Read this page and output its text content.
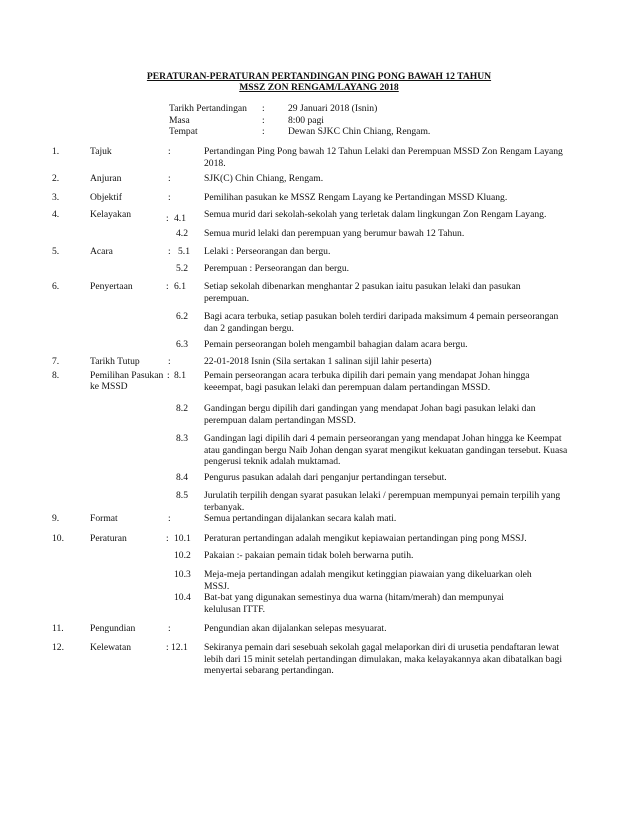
PERATURAN-PERATURAN PERTANDINGAN PING PONG BAWAH 12 TAHUN
MSSZ ZON RENGAM/LAYANG 2018
Tarikh Pertandingan : 29 Januari 2018 (Isnin)
Masa	: 8:00 pagi
Tempat	: Dewan SJKC Chin Chiang, Rengam.
1.	Tajuk	:	Pertandingan Ping Pong bawah 12 Tahun Lelaki dan Perempuan MSSD Zon Rengam Layang 2018.
2.	Anjuran	:	SJK(C) Chin Chiang, Rengam.
3.	Objektif	:	Pemilihan pasukan ke MSSZ Rengam Layang ke Pertandingan MSSD Kluang.
4.	Kelayakan	: 4.1 Semua murid dari sekolah-sekolah yang terletak dalam lingkungan Zon Rengam Layang.
4.2 Semua murid lelaki dan perempuan yang berumur bawah 12 Tahun.
5.	Acara	: 5.1 Lelaki : Perseorangan dan bergu.
5.2 Perempuan : Perseorangan dan bergu.
6.	Penyertaan	: 6.1 Setiap sekolah dibenarkan menghantar 2 pasukan iaitu pasukan lelaki dan pasukan perempuan.
6.2 Bagi acara terbuka, setiap pasukan boleh terdiri daripada maksimum 4 pemain perseorangan dan 2 gandingan bergu.
6.3 Pemain perseorangan boleh mengambil bahagian dalam acara bergu.
7.	Tarikh Tutup	:	22-01-2018 Isnin (Sila sertakan 1 salinan sijil lahir peserta)
8.	Pemilihan Pasukan
ke MSSD
: 8.1 Pemain perseorangan acara terbuka dipilih dari pemain yang mendapat Johan hingga keeempat, bagi pasukan lelaki dan perempuan dalam pertandingan MSSD.
8.2 Gandingan bergu dipilih dari gandingan yang mendapat Johan bagi pasukan lelaki dan perempuan dalam pertandingan MSSD.
8.3 Gandingan lagi dipilih dari 4 pemain perseorangan yang mendapat Johan hingga ke Keempat atau gandingan bergu Naib Johan dengan syarat mengikut kekuatan gandingan tersebut. Kuasa pengerusi teknik adalah muktamad.
8.4 Pengurus pasukan adalah dari penganjur pertandingan tersebut.
8.5 Jurulatih terpilih dengan syarat pasukan lelaki / perempuan mempunyai pemain terpilih yang terbanyak.
9.	Format	:	Semua pertandingan dijalankan secara kalah mati.
10.	Peraturan	: 10.1 Peraturan pertandingan adalah mengikut kepiawaian pertandingan ping pong MSSJ.
10.2 Pakaian :- pakaian pemain tidak boleh berwarna putih.
10.3 Meja-meja pertandingan adalah mengikut ketinggian piawaian yang dikeluarkan oleh MSSJ.
10.4 Bat-bat yang digunakan semestinya dua warna (hitam/merah) dan mempunyai kelulusan ITTF.
11.	Pengundian	:	Pengundian akan dijalankan selepas mesyuarat.
12.	Kelewatan	: 12.1 Sekiranya pemain dari sesebuah sekolah gagal melaporkan diri di urusetia pendaftaran lewat lebih dari 15 minit setelah pertandingan dimulakan, maka kelayakannya akan dibatalkan bagi menyertai sebarang pertandingan.
